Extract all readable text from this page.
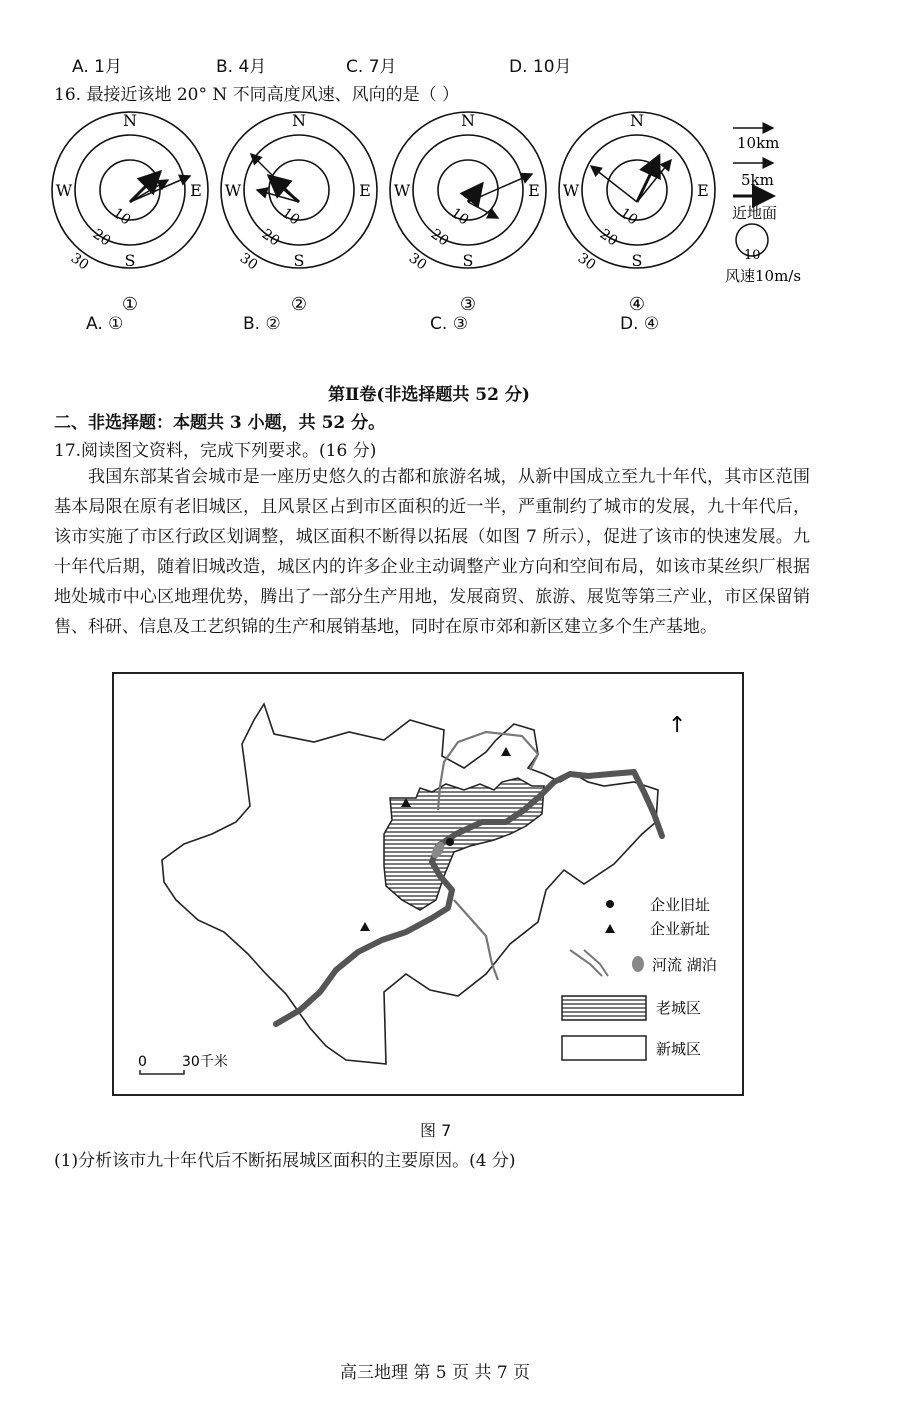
A. 1月	B. 4月	C. 7月	D. 10月
16. 最接近该地 20° N 不同高度风速、风向的是（ ）
N
S
E
W
10
20
30
①
N
S
E
W
10
20
30
②
N
S
E
W
10
20
30
③
N
S
E
W
10
20
30
④
10km
5km
近地面
10
风速10m/s
A. ①	B. ②	C. ③	D. ④
第Ⅱ卷(非选择题共 52 分)
二、非选择题：本题共 3 小题，共 52 分。
17.阅读图文资料，完成下列要求。(16 分)

我国东部某省会城市是一座历史悠久的古都和旅游名城，从新中国成立至九十年代，其市区范围基本局限在原有老旧城区，且风景区占到市区面积的近一半，严重制约了城市的发展，九十年代后，该市实施了市区行政区划调整，城区面积不断得以拓展（如图 7 所示），促进了该市的快速发展。九十年代后期，随着旧城改造，城区内的许多企业主动调整产业方向和空间布局，如该市某丝织厂根据地处城市中心区地理优势，腾出了一部分生产用地，发展商贸、旅游、展览等第三产业，市区保留销售、科研、信息及工艺织锦的生产和展销基地，同时在原市郊和新区建立多个生产基地。

↑
企业旧址
企业新址
河流 湖泊
老城区
新城区
0	30千米
图 7
(1)分析该市九十年代后不断拓展城区面积的主要原因。(4 分)
高三地理 第 5 页 共 7 页
